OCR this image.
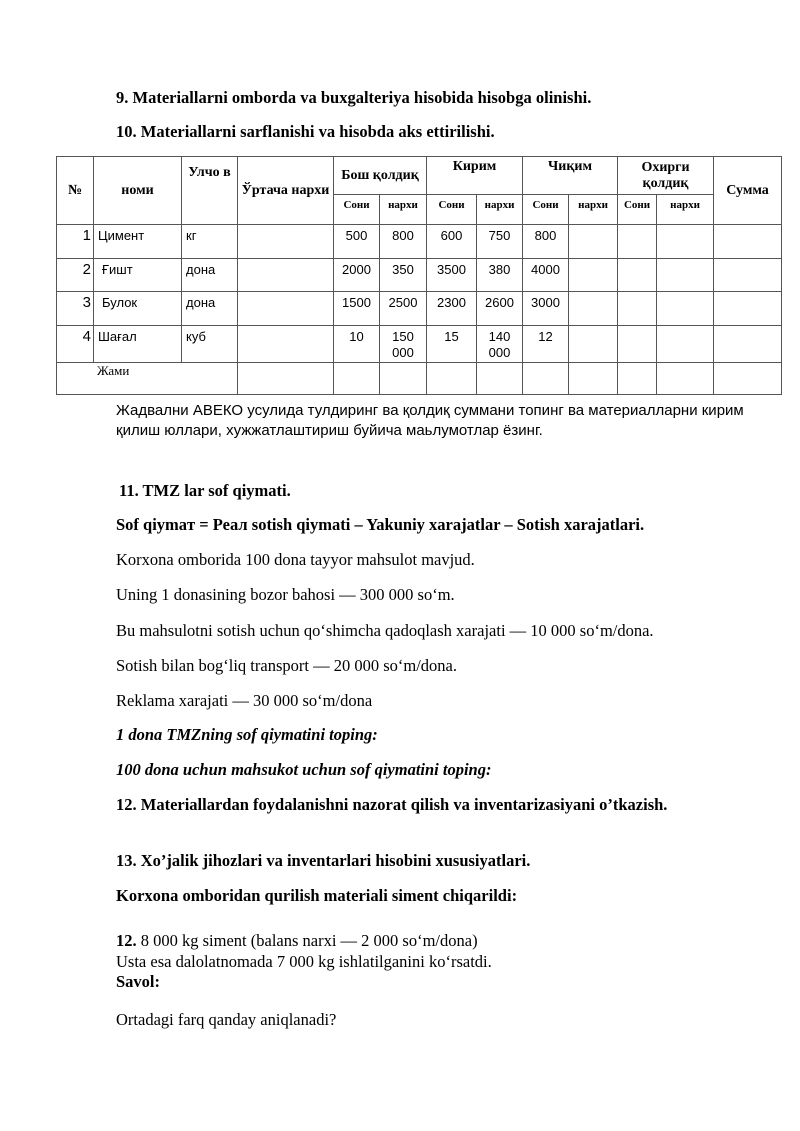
9. Materiallarni omborda va buxgalteriya hisobida hisobga olinishi.

10. Materiallarni sarflanishi va hisobda aks ettirilishi.

№	номи	Улчо в	Ўртача нархи	Бош қолдиқ		Кирим		Чиқим		Охирги қолдиқ		Сумма
				Сони	нархи	Сони	нархи	Сони	нархи	Сони	нархи	
1	Цимент	кг		500	800	600	750	800				
2	Ғишт	дона		2000	350	3500	380	4000				
3	Булок	дона		1500	2500	2300	2600	3000				
4	Шағал	куб		10	150 000	15	140 000	12				
Жами												

Жадвални АВЕКО усулида тулдиринг ва қолдиқ суммани топинг ва материалларни кирим қилиш юллари, хужжатлаштириш буйича маьлумотлар ёзинг.

11. TMZ lar sof qiymati.

Sof qiymaт = Реал sotish qiymati – Yakuniy xarajatlar – Sotish xarajatlari.

Korxona omborida 100 dona tayyor mahsulot mavjud.

Uning 1 donasining bozor bahosi — 300 000 so‘m.

Bu mahsulotni sotish uchun qo‘shimcha qadoqlash xarajati — 10 000 so‘m/dona.

Sotish bilan bog‘liq transport — 20 000 so‘m/dona.

Reklama xarajati — 30 000 so‘m/dona

1 dona TMZning sof qiymatini toping:

100 dona uchun mahsukot uchun sof qiymatini toping:

12. Materiallardan foydalanishni nazorat qilish va inventarizasiyani o’tkazish.

13. Xo’jalik jihozlari va inventarlari hisobini xususiyatlari.

Korxona omboridan qurilish materiali siment chiqarildi:

12. 8 000 kg siment (balans narxi — 2 000 so‘m/dona)

Usta esa dalolatnomada 7 000 kg ishlatilganini ko‘rsatdi.

Savol:

Ortadagi farq qanday aniqlanadi?
